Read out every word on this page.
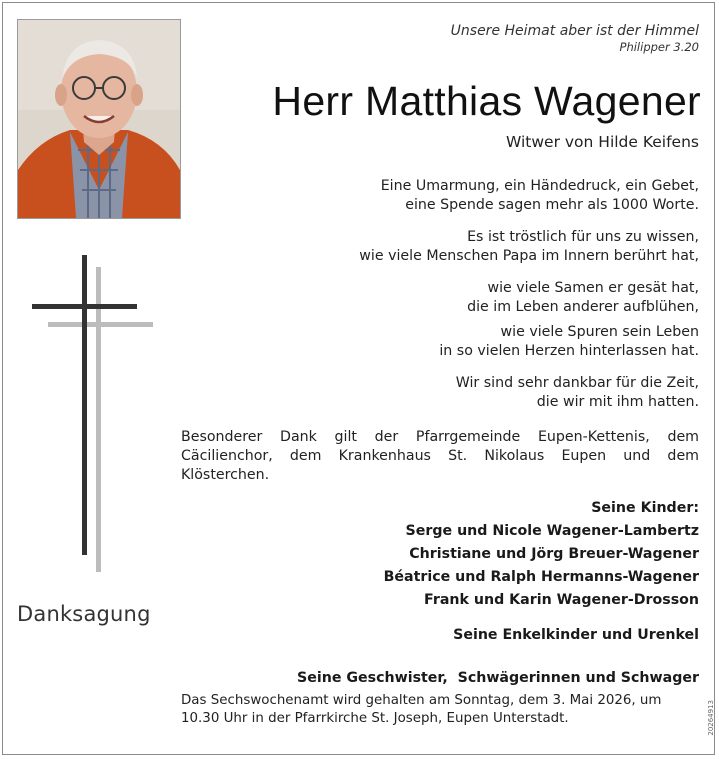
Danksagung
Unsere Heimat aber ist der Himmel
Philipper 3.20
Herr Matthias Wagener
Witwer von Hilde Keifens
Eine Umarmung, ein Händedruck, ein Gebet,
eine Spende sagen mehr als 1000 Worte.
Es ist tröstlich für uns zu wissen,
wie viele Menschen Papa im Innern berührt hat,
wie viele Samen er gesät hat,
die im Leben anderer aufblühen,
wie viele Spuren sein Leben
in so vielen Herzen hinterlassen hat.
Wir sind sehr dankbar für die Zeit,
die wir mit ihm hatten.
Besonderer Dank gilt der Pfarrgemeinde Eupen-Kettenis, dem Cäcilienchor, dem Krankenhaus St. Nikolaus Eupen und dem Klösterchen.
Seine Kinder:
Serge und Nicole Wagener-Lambertz
Christiane und Jörg Breuer-Wagener
Béatrice und Ralph Hermanns-Wagener
Frank und Karin Wagener-Drosson
Seine Enkelkinder und Urenkel
Seine Geschwister,  Schwägerinnen und Schwager
Das Sechswochenamt wird gehalten am Sonntag, dem 3. Mai 2026, um 10.30 Uhr in der Pfarrkirche St. Joseph, Eupen Unterstadt.	20264913
